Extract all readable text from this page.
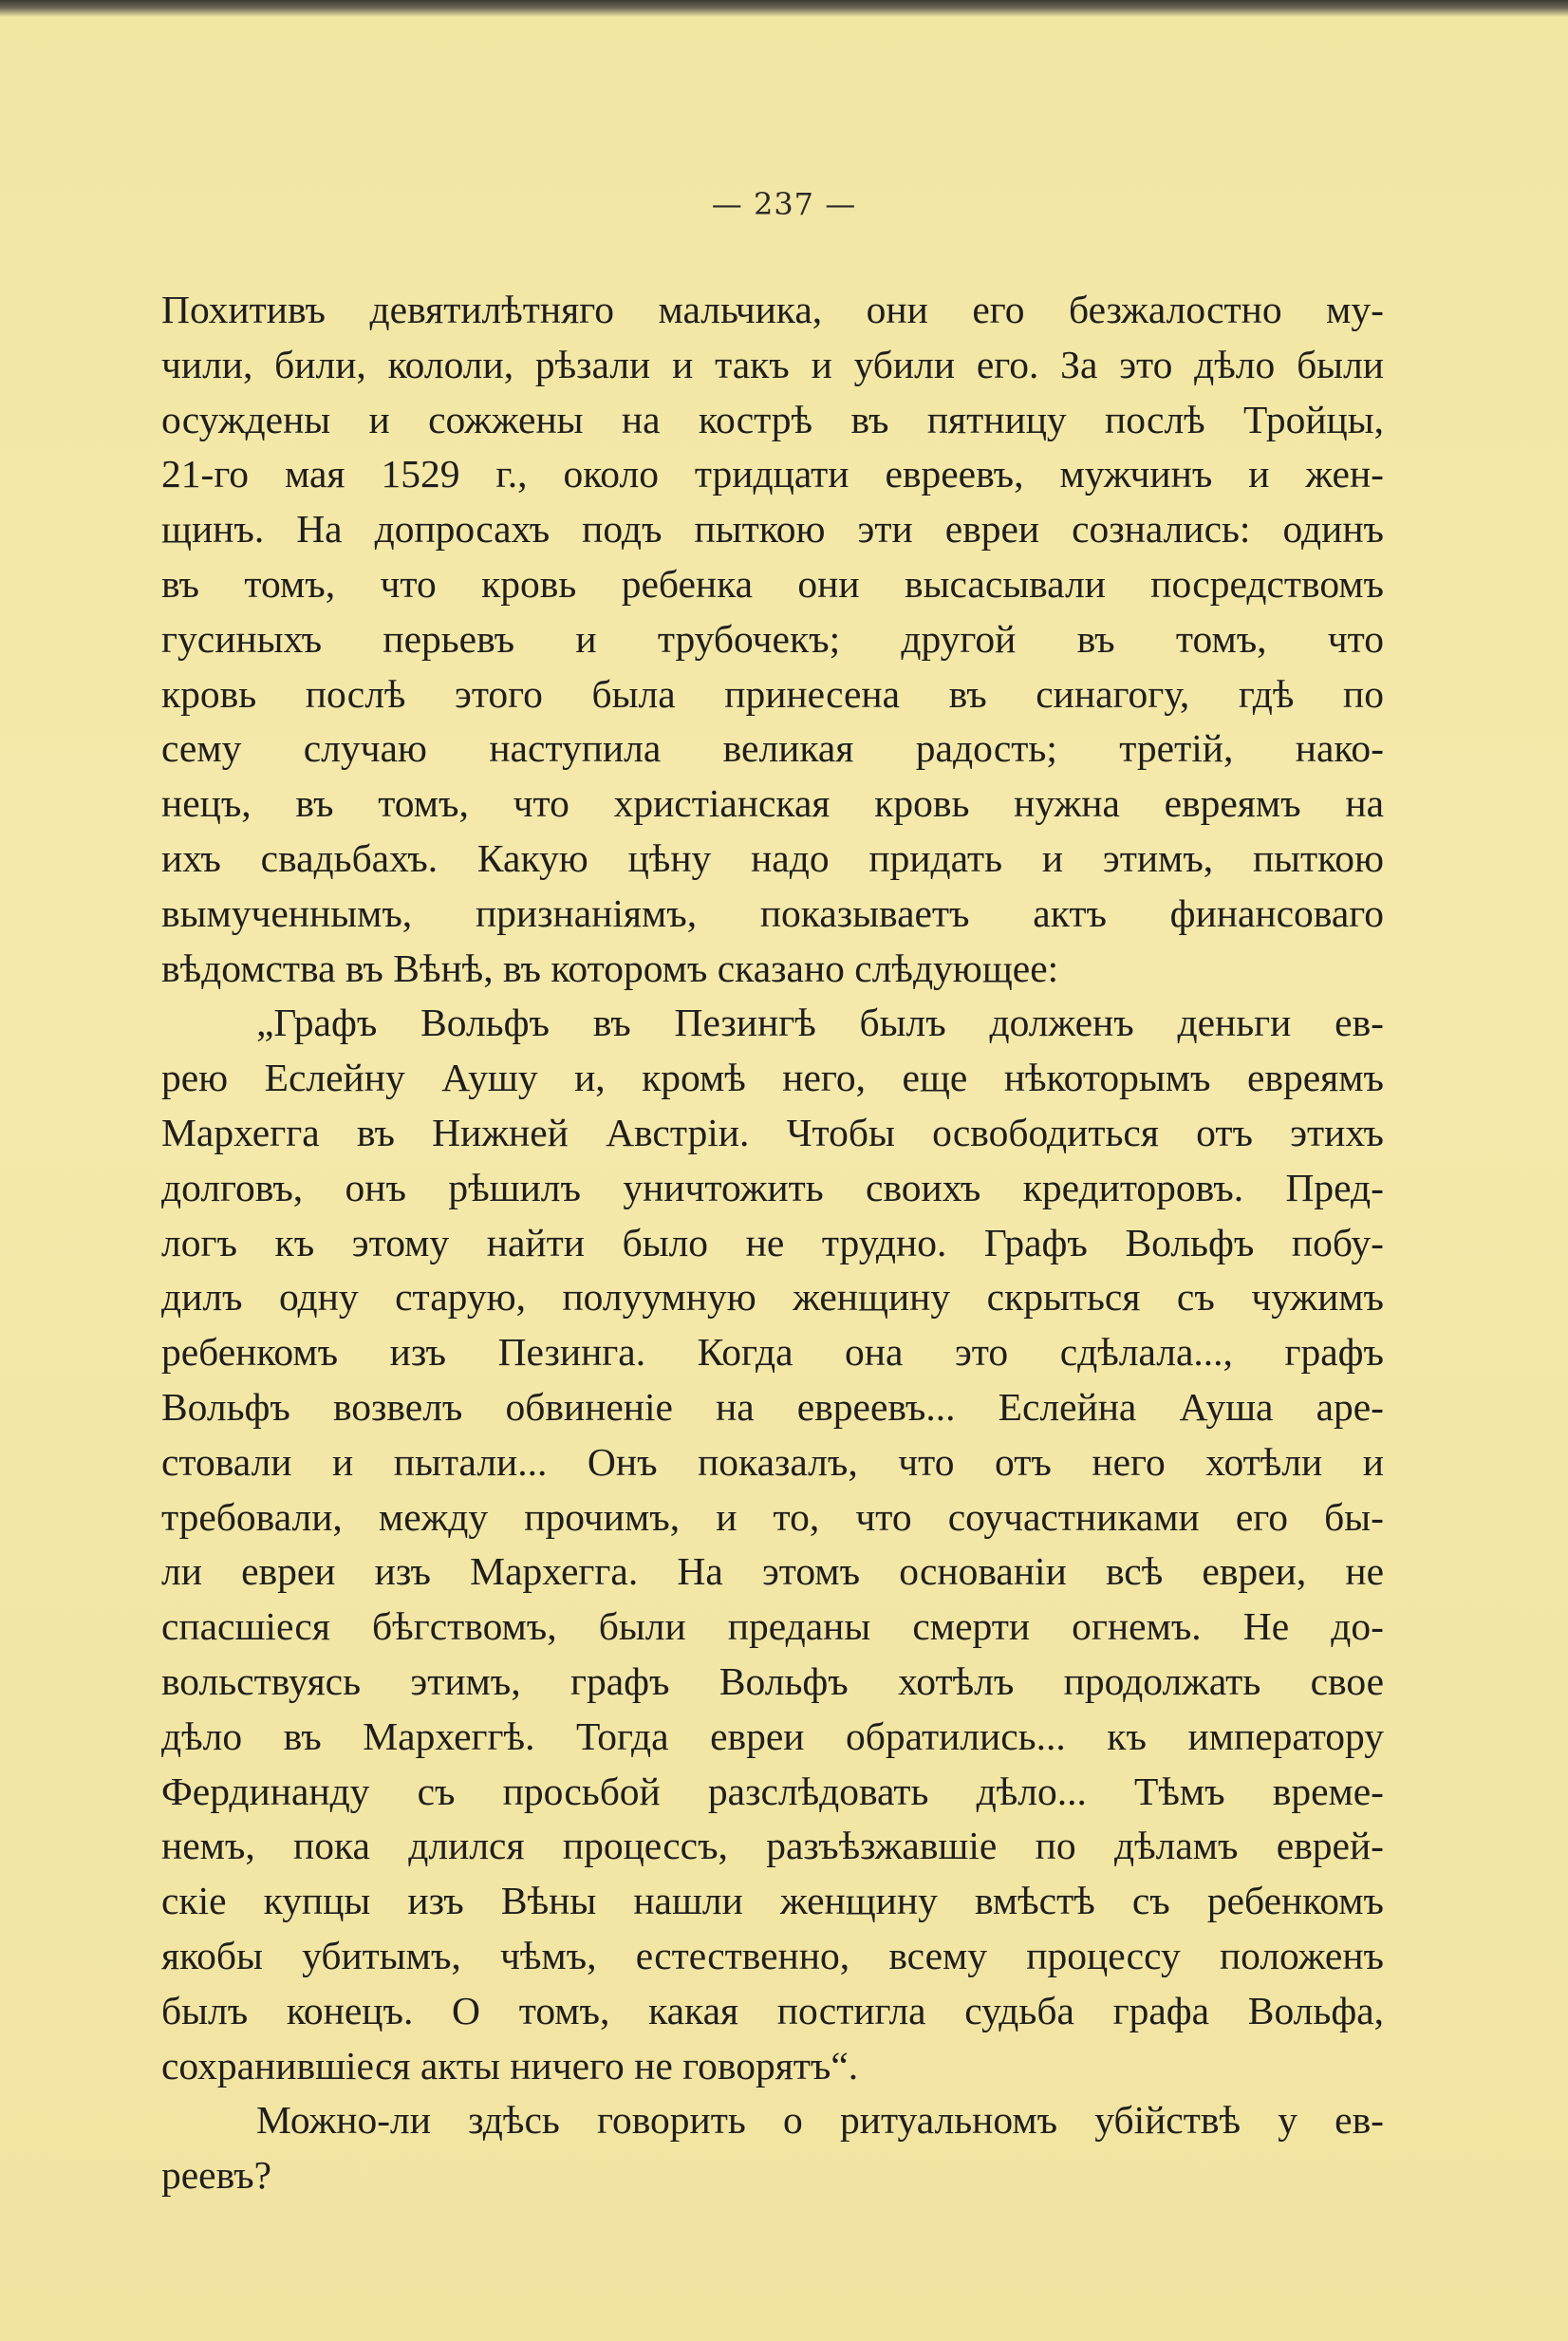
— 237 —
Похитивъ девятилѣтняго мальчика, они его безжалостно му-
чили, били, кололи, рѣзали и такъ и убили его. За это дѣло были
осуждены и сожжены на кострѣ въ пятницу послѣ Тройцы,
21-го мая 1529 г., около тридцати евреевъ, мужчинъ и жен-
щинъ. На допросахъ подъ пыткою эти евреи сознались: одинъ
въ томъ, что кровь ребенка они высасывали посредствомъ
гусиныхъ перьевъ и трубочекъ; другой въ томъ, что
кровь послѣ этого была принесена въ синагогу, гдѣ по
сему случаю наступила великая радость; третій, нако-
нецъ, въ томъ, что христіанская кровь нужна евреямъ на
ихъ свадьбахъ. Какую цѣну надо придать и этимъ, пыткою
вымученнымъ, признаніямъ, показываетъ актъ финансоваго
вѣдомства въ Вѣнѣ, въ которомъ сказано слѣдующее:
„Графъ Вольфъ въ Пезингѣ былъ долженъ деньги ев-
рею Еслейну Аушу и, кромѣ него, еще нѣкоторымъ евреямъ
Мархегга въ Нижней Австріи. Чтобы освободиться отъ этихъ
долговъ, онъ рѣшилъ уничтожить своихъ кредиторовъ. Пред-
логъ къ этому найти было не трудно. Графъ Вольфъ побу-
дилъ одну старую, полуумную женщину скрыться съ чужимъ
ребенкомъ изъ Пезинга. Когда она это сдѣлала..., графъ
Вольфъ возвелъ обвиненіе на евреевъ... Еслейна Ауша аре-
стовали и пытали... Онъ показалъ, что отъ него хотѣли и
требовали, между прочимъ, и то, что соучастниками его бы-
ли евреи изъ Мархегга. На этомъ основаніи всѣ евреи, не
спасшіеся бѣгствомъ, были преданы смерти огнемъ. Не до-
вольствуясь этимъ, графъ Вольфъ хотѣлъ продолжать свое
дѣло въ Мархеггѣ. Тогда евреи обратились... къ императору
Фердинанду съ просьбой разслѣдовать дѣло... Тѣмъ време-
немъ, пока длился процессъ, разъѣзжавшіе по дѣламъ еврей-
скіе купцы изъ Вѣны нашли женщину вмѣстѣ съ ребенкомъ
якобы убитымъ, чѣмъ, естественно, всему процессу положенъ
былъ конецъ. О томъ, какая постигла судьба графа Вольфа,
сохранившіеся акты ничего не говорятъ“.
Можно-ли здѣсь говорить о ритуальномъ убійствѣ у ев-
реевъ?
